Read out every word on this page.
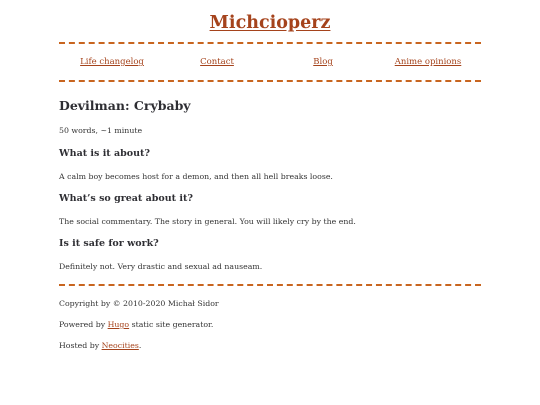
Michcioperz
Life changelog	Contact	Blog	Anime opinions
Devilman: Crybaby
50 words, ~1 minute
What is it about?

A calm boy becomes host for a demon, and then all hell breaks loose.

What’s so great about it?

The social commentary. The story in general. You will likely cry by the end.

Is it safe for work?

Definitely not. Very drastic and sexual ad nauseam.

Copyright by © 2010-2020 Michał Sidor
Powered by Hugo static site generator.
Hosted by Neocities.
